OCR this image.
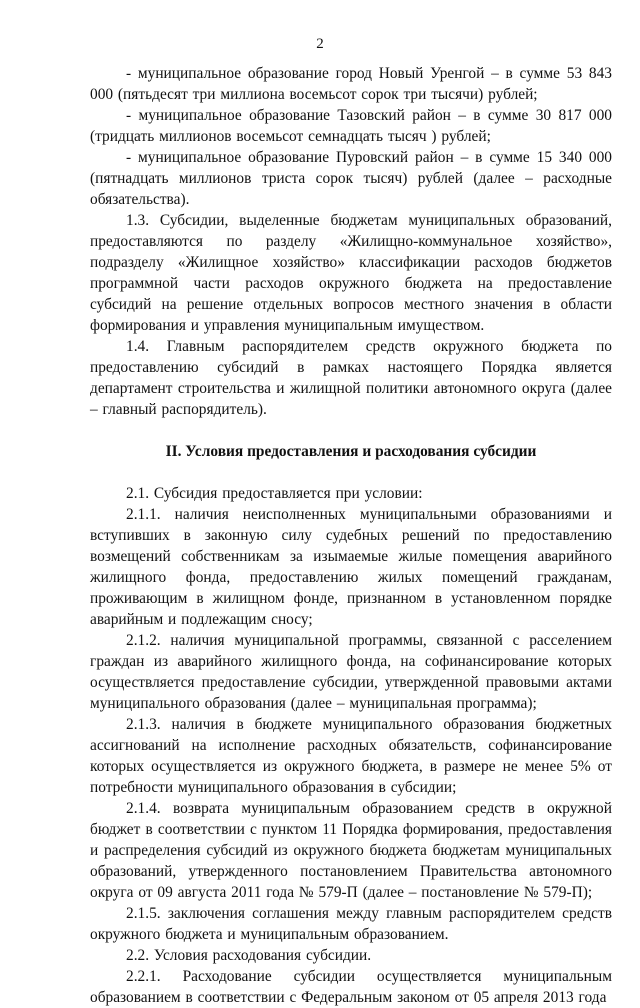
2

- муниципальное образование город Новый Уренгой – в сумме 53 843 000 (пятьдесят три миллиона восемьсот сорок три тысячи) рублей;

- муниципальное образование Тазовский район – в сумме 30 817 000 (тридцать миллионов восемьсот семнадцать тысяч ) рублей;

- муниципальное образование Пуровский район – в сумме 15 340 000 (пятнадцать миллионов триста сорок тысяч) рублей (далее – расходные обязательства).

1.3. Субсидии, выделенные бюджетам муниципальных образований, предоставляются по разделу «Жилищно-коммунальное хозяйство», подразделу «Жилищное хозяйство» классификации расходов бюджетов программной части расходов окружного бюджета на предоставление субсидий на решение отдельных вопросов местного значения в области формирования и управления муниципальным имуществом.

1.4. Главным распорядителем средств окружного бюджета по предоставлению субсидий в рамках настоящего Порядка является департамент строительства и жилищной политики автономного округа (далее – главный распорядитель).

II. Условия предоставления и расходования субсидии

2.1. Субсидия предоставляется при условии:

2.1.1. наличия неисполненных муниципальными образованиями и вступивших в законную силу судебных решений по предоставлению возмещений собственникам за изымаемые жилые помещения аварийного жилищного фонда, предоставлению жилых помещений гражданам, проживающим в жилищном фонде, признанном в установленном порядке аварийным и подлежащим сносу;

2.1.2. наличия муниципальной программы, связанной с расселением граждан из аварийного жилищного фонда, на софинансирование которых осуществляется предоставление субсидии, утвержденной правовыми актами муниципального образования (далее – муниципальная программа);

2.1.3. наличия в бюджете муниципального образования бюджетных ассигнований на исполнение расходных обязательств, софинансирование которых осуществляется из окружного бюджета, в размере не менее 5% от потребности муниципального образования в субсидии;

2.1.4. возврата муниципальным образованием средств в окружной бюджет в соответствии с пунктом 11 Порядка формирования, предоставления и распределения субсидий из окружного бюджета бюджетам муниципальных образований, утвержденного постановлением Правительства автономного округа от 09 августа 2011 года № 579-П (далее – постановление № 579-П);

2.1.5. заключения соглашения между главным распорядителем средств окружного бюджета и муниципальным образованием.

2.2. Условия расходования субсидии.

2.2.1. Расходование субсидии осуществляется муниципальным образованием в соответствии с Федеральным законом от 05 апреля 2013 года
